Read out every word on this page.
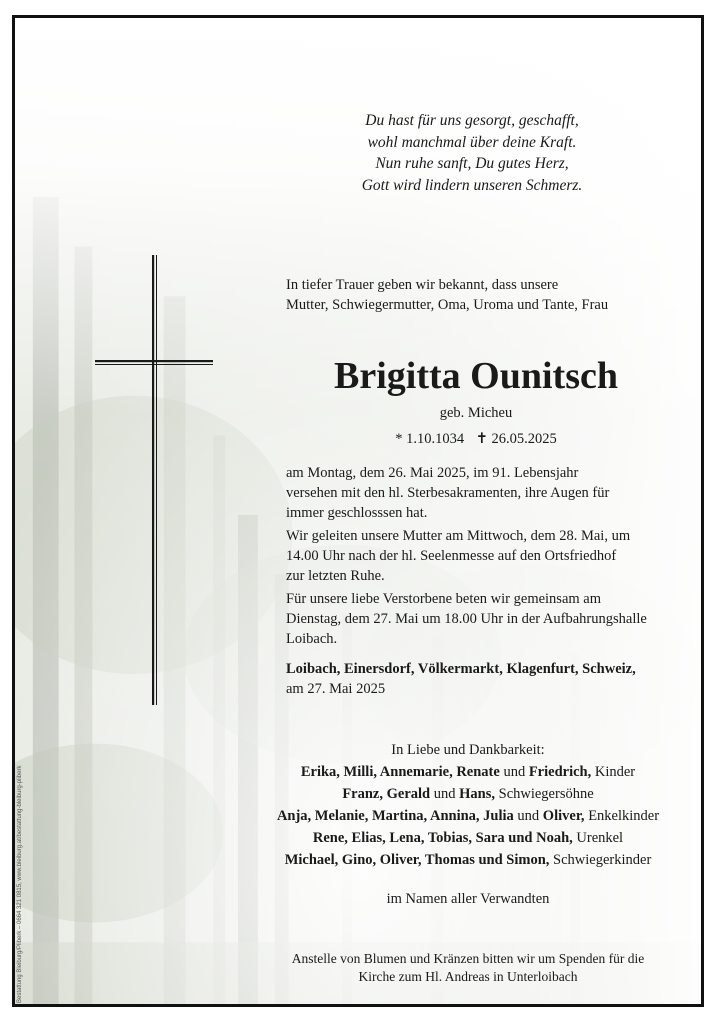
Du hast für uns gesorgt, geschafft,
wohl manchmal über deine Kraft.
Nun ruhe sanft, Du gutes Herz,
Gott wird lindern unseren Schmerz.
In tiefer Trauer geben wir bekannt, dass unsere
Mutter, Schwiegermutter, Oma, Uroma und Tante, Frau
Brigitta Ounitsch
geb. Micheu
* 1.10.1034 ✝ 26.05.2025
am Montag, dem 26. Mai 2025, im 91. Lebensjahr
versehen mit den hl. Sterbesakramenten, ihre Augen für
immer geschlosssen hat.
Wir geleiten unsere Mutter am Mittwoch, dem 28. Mai, um
14.00 Uhr nach der hl. Seelenmesse auf den Ortsfriedhof
zur letzten Ruhe.
Für unsere liebe Verstorbene beten wir gemeinsam am
Dienstag, dem 27. Mai um 18.00 Uhr in der Aufbahrungshalle
Loibach.
Loibach, Einersdorf, Völkermarkt, Klagenfurt, Schweiz,
am 27. Mai 2025
In Liebe und Dankbarkeit:
Erika, Milli, Annemarie, Renate und Friedrich, Kinder
Franz, Gerald und Hans, Schwiegersöhne
Anja, Melanie, Martina, Annina, Julia und Oliver, Enkelkinder
Rene, Elias, Lena, Tobias, Sara und Noah, Urenkel
Michael, Gino, Oliver, Thomas und Simon, Schwiegerkinder
im Namen aller Verwandten
Anstelle von Blumen und Kränzen bitten wir um Spenden für die
Kirche zum Hl. Andreas in Unterloibach
Bestattung Bleiburg/Pliberk – 0664 321 0815, www.bleiburg.at/bestattung-bleiburg-pliberk
